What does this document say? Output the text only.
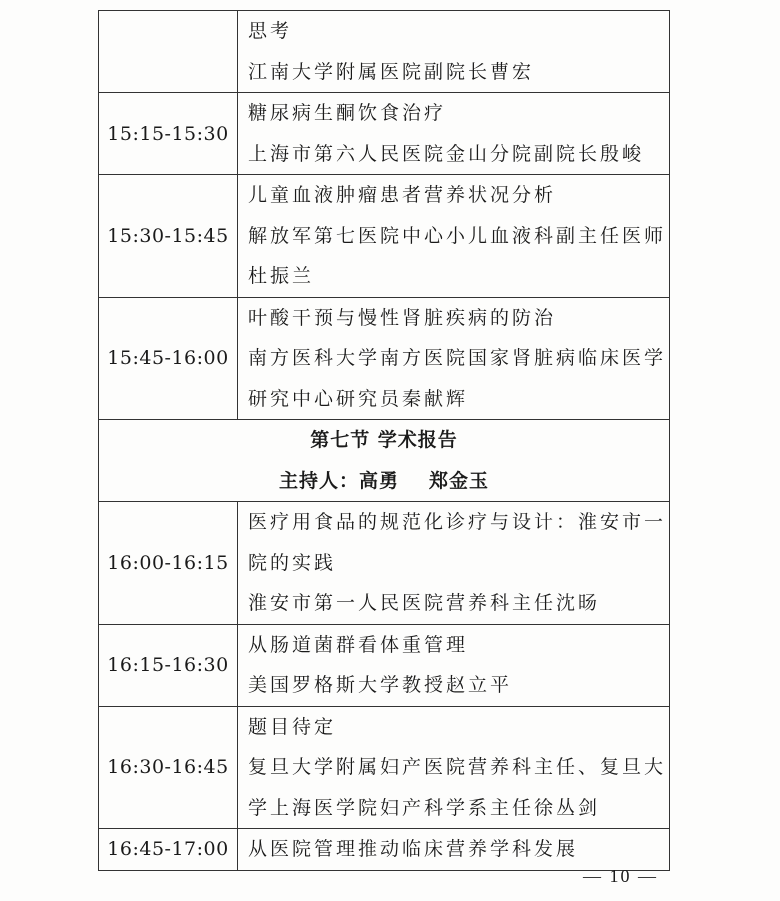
	思考
江南大学附属医院副院长曹宏

15:15-15:30	糖尿病生酮饮食治疗
上海市第六人民医院金山分院副院长殷峻

15:30-15:45	儿童血液肿瘤患者营养状况分析
解放军第七医院中心小儿血液科副主任医师
杜振兰

15:45-16:00	叶酸干预与慢性肾脏疾病的防治
南方医科大学南方医院国家肾脏病临床医学
研究中心研究员秦献辉

第七节 学术报告
主持人：高勇 郑金玉	

16:00-16:15	医疗用食品的规范化诊疗与设计：淮安市一
院的实践
淮安市第一人民医院营养科主任沈旸

16:15-16:30	从肠道菌群看体重管理
美国罗格斯大学教授赵立平

16:30-16:45	题目待定
复旦大学附属妇产医院营养科主任、复旦大
学上海医学院妇产科学系主任徐丛剑

16:45-17:00	从医院管理推动临床营养学科发展
— 10 —
